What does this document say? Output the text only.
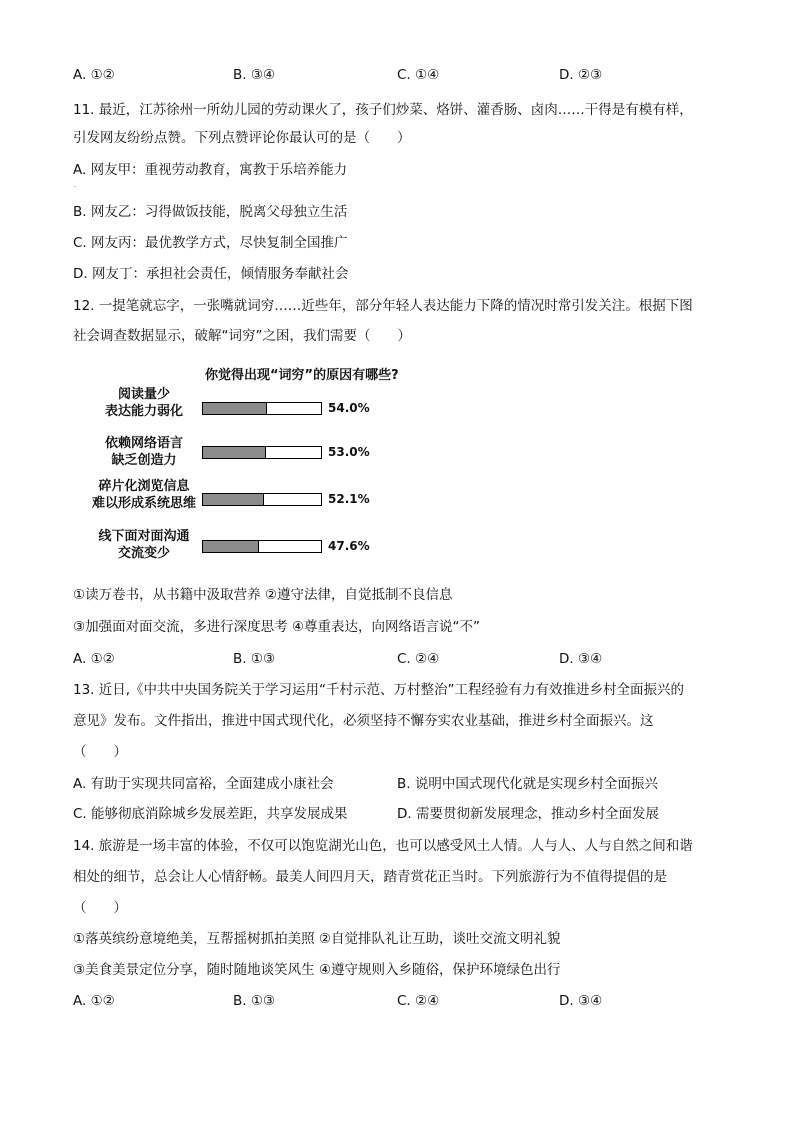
A. ①②	B. ③④	C. ①④	D. ②③
11. 最近，江苏徐州一所幼儿园的劳动课火了，孩子们炒菜、烙饼、灌香肠、卤肉……干得是有模有样，
引发网友纷纷点赞。下列点赞评论你最认可的是（　　）
A. 网友甲：重视劳动教育，寓教于乐培养能力
.
B. 网友乙：习得做饭技能，脱离父母独立生活
C. 网友丙：最优教学方式，尽快复制全国推广
D. 网友丁：承担社会责任，倾情服务奉献社会
12. 一提笔就忘字，一张嘴就词穷……近些年，部分年轻人表达能力下降的情况时常引发关注。根据下图
社会调查数据显示，破解“词穷”之困，我们需要（　　）
你觉得出现“词穷”的原因有哪些?
阅读量少
表达能力弱化	54.0%
依赖网络语言
缺乏创造力
53.0%
碎片化浏览信息
难以形成系统思维	52.1%
线下面对面沟通
交流变少	47.6%
①读万卷书，从书籍中汲取营养 ②遵守法律，自觉抵制不良信息
③加强面对面交流，多进行深度思考 ④尊重表达，向网络语言说“不”
A. ①②	B. ①③	C. ②④	D. ③④
13. 近日,《中共中央国务院关于学习运用“千村示范、万村整治”工程经验有力有效推进乡村全面振兴的
意见》发布。文件指出，推进中国式现代化，必须坚持不懈夯实农业基础，推进乡村全面振兴。这
（　　）
A. 有助于实现共同富裕，全面建成小康社会	B. 说明中国式现代化就是实现乡村全面振兴
C. 能够彻底消除城乡发展差距，共享发展成果	D. 需要贯彻新发展理念，推动乡村全面发展
14. 旅游是一场丰富的体验，不仅可以饱览湖光山色，也可以感受风土人情。人与人、人与自然之间和谐
相处的细节，总会让人心情舒畅。最美人间四月天，踏青赏花正当时。下列旅游行为不值得提倡的是
（　　）
①落英缤纷意境绝美，互帮摇树抓拍美照 ②自觉排队礼让互助，谈吐交流文明礼貌
③美食美景定位分享，随时随地谈笑风生 ④遵守规则入乡随俗，保护环境绿色出行
A. ①②	B. ①③	C. ②④	D. ③④
